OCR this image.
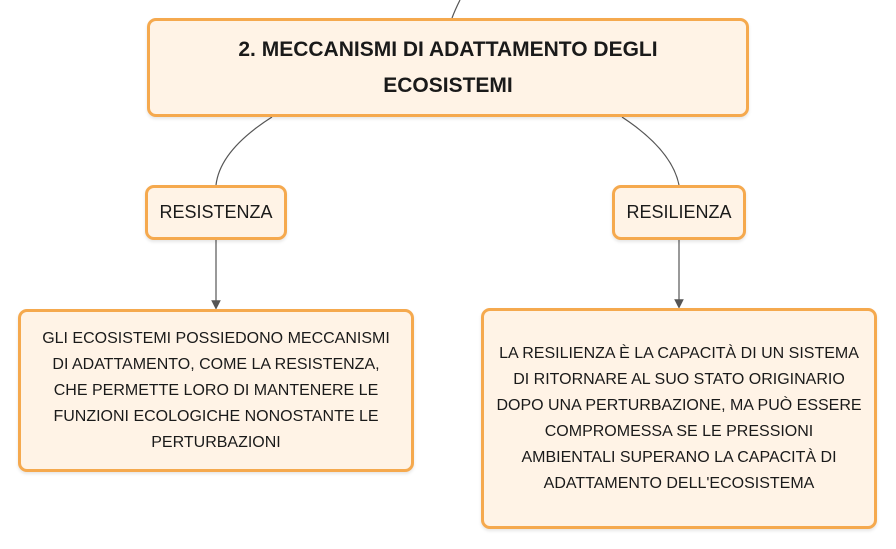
2. MECCANISMI DI ADATTAMENTO DEGLI ECOSISTEMI
RESISTENZA	RESILIENZA
GLI ECOSISTEMI POSSIEDONO MECCANISMI DI ADATTAMENTO, COME LA RESISTENZA, CHE PERMETTE LORO DI MANTENERE LE FUNZIONI ECOLOGICHE NONOSTANTE LE PERTURBAZIONI
LA RESILIENZA È LA CAPACITÀ DI UN SISTEMA DI RITORNARE AL SUO STATO ORIGINARIO DOPO UNA PERTURBAZIONE, MA PUÒ ESSERE COMPROMESSA SE LE PRESSIONI AMBIENTALI SUPERANO LA CAPACITÀ DI ADATTAMENTO DELL'ECOSISTEMA
